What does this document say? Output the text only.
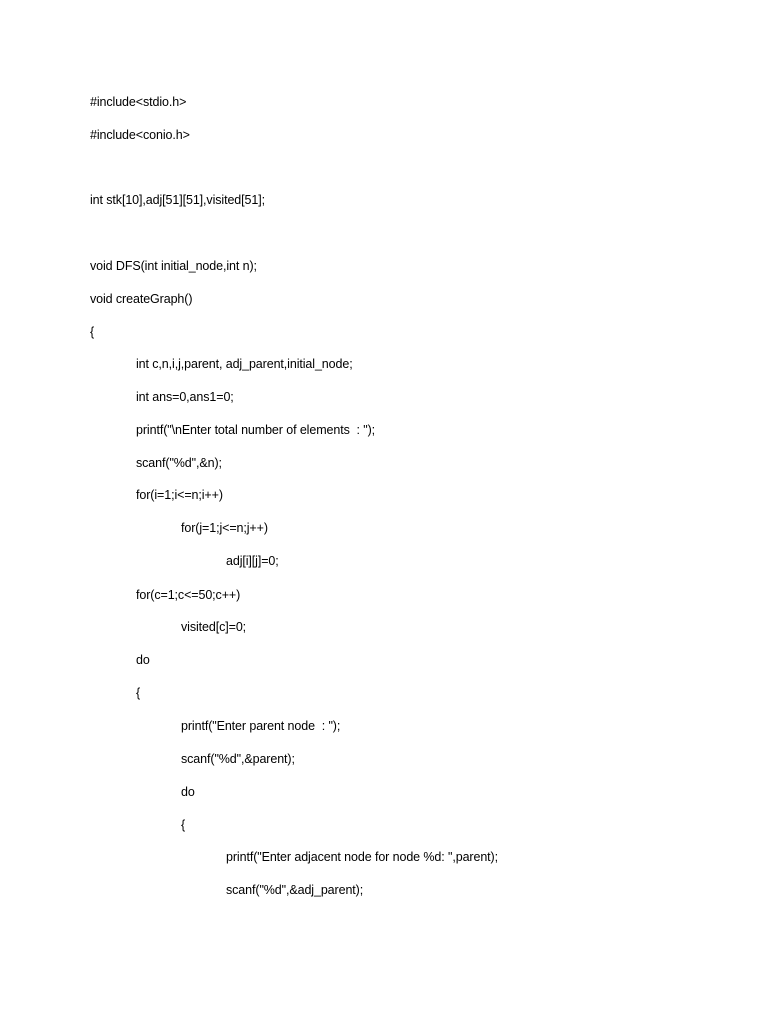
#include<stdio.h>
#include<conio.h>
int stk[10],adj[51][51],visited[51];
void DFS(int initial_node,int n);
void createGraph()
{
int c,n,i,j,parent, adj_parent,initial_node;
int ans=0,ans1=0;
printf("\nEnter total number of elements  : ");
scanf("%d",&n);
for(i=1;i<=n;i++)
for(j=1;j<=n;j++)
adj[i][j]=0;
for(c=1;c<=50;c++)
visited[c]=0;
do
{
printf("Enter parent node  : ");
scanf("%d",&parent);
do
{
printf("Enter adjacent node for node %d: ",parent);
scanf("%d",&adj_parent);
